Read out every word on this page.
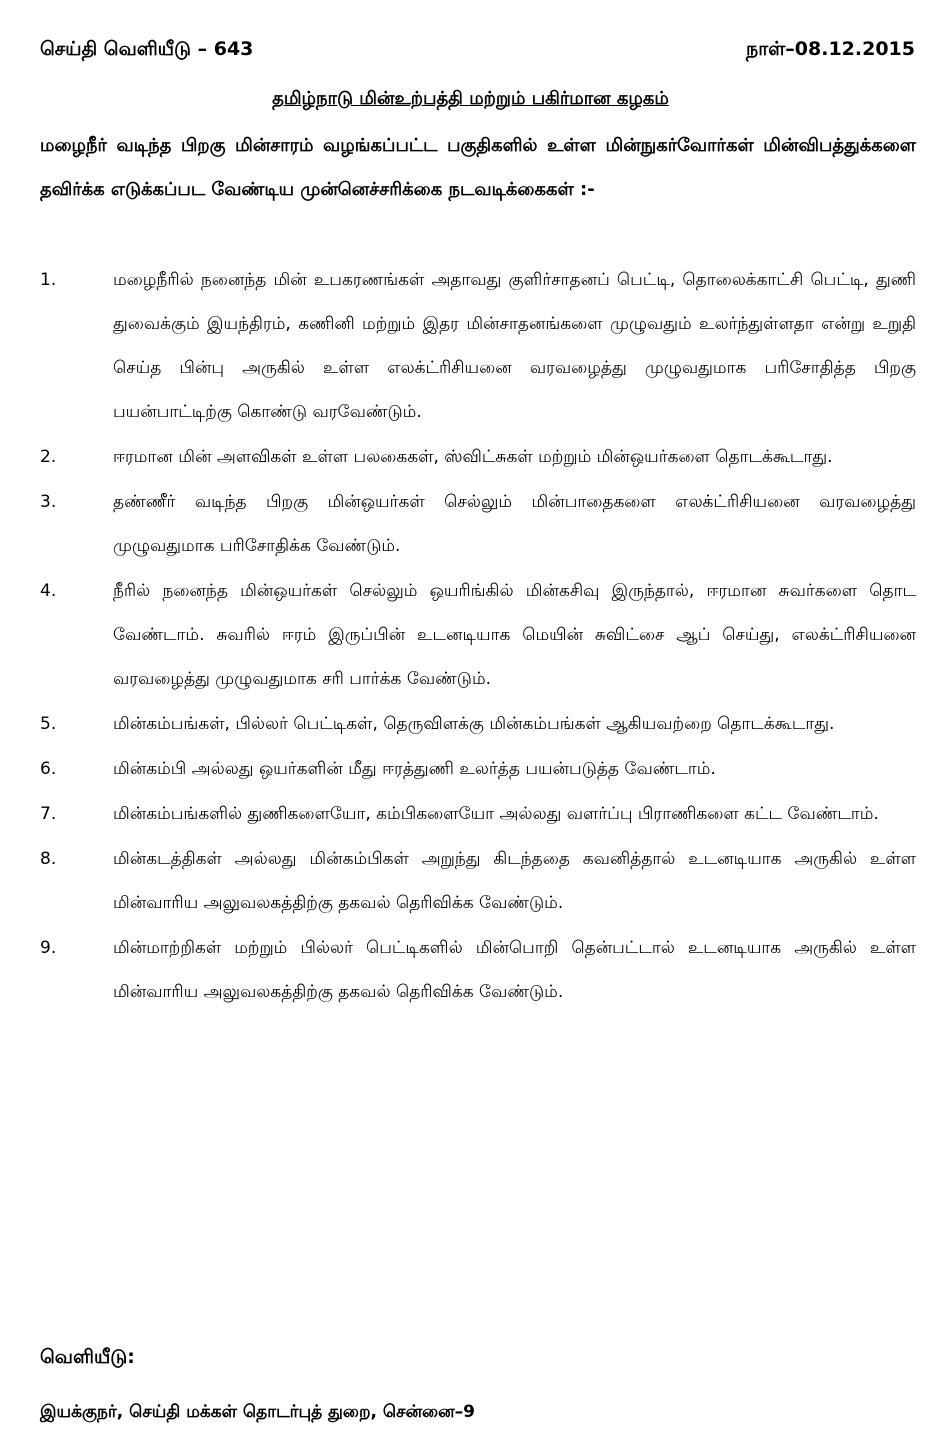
செய்தி வெளியீடு – 643	நாள்–08.12.2015
தமிழ்நாடு மின்உற்பத்தி மற்றும் பகிர்மான கழகம்
மழைநீர் வடிந்த பிறகு மின்சாரம் வழங்கப்பட்ட பகுதிகளில் உள்ள மின்நுகர்வோர்கள் மின்விபத்துக்களை தவிர்க்க எடுக்கப்பட வேண்டிய முன்னெச்சரிக்கை நடவடிக்கைகள் :-
1.	மழைநீரில் நனைந்த மின் உபகரணங்கள் அதாவது குளிர்சாதனப் பெட்டி, தொலைக்காட்சி பெட்டி, துணி துவைக்கும் இயந்திரம், கணினி மற்றும் இதர மின்சாதனங்களை முழுவதும் உலர்ந்துள்ளதா என்று உறுதி செய்த பின்பு அருகில் உள்ள எலக்ட்ரிசியனை வரவழைத்து முழுவதுமாக பரிசோதித்த பிறகு பயன்பாட்டிற்கு கொண்டு வரவேண்டும்.
2.	ஈரமான மின் அளவிகள் உள்ள பலகைகள், ஸ்விட்சுகள் மற்றும் மின்ஒயர்களை தொடக்கூடாது.
3.	தண்ணீர் வடிந்த பிறகு மின்ஒயர்கள் செல்லும் மின்பாதைகளை எலக்ட்ரிசியனை வரவழைத்து முழுவதுமாக பரிசோதிக்க வேண்டும்.
4.	நீரில் நனைந்த மின்ஒயர்கள் செல்லும் ஒயரிங்கில் மின்கசிவு இருந்தால், ஈரமான சுவர்களை தொட வேண்டாம். சுவரில் ஈரம் இருப்பின் உடனடியாக மெயின் சுவிட்சை ஆப் செய்து, எலக்ட்ரிசியனை வரவழைத்து முழுவதுமாக சரி பார்க்க வேண்டும்.
5.	மின்கம்பங்கள், பில்லர் பெட்டிகள், தெருவிளக்கு மின்கம்பங்கள் ஆகியவற்றை தொடக்கூடாது.
6.	மின்கம்பி அல்லது ஒயர்களின் மீது ஈரத்துணி உலர்த்த பயன்படுத்த வேண்டாம்.
7.	மின்கம்பங்களில் துணிகளையோ, கம்பிகளையோ அல்லது வளர்ப்பு பிராணிகளை கட்ட வேண்டாம்.
8.	மின்கடத்திகள் அல்லது மின்கம்பிகள் அறுந்து கிடந்ததை கவனித்தால் உடனடியாக அருகில் உள்ள மின்வாரிய அலுவலகத்திற்கு தகவல் தெரிவிக்க வேண்டும்.
9.	மின்மாற்றிகள் மற்றும் பில்லர் பெட்டிகளில் மின்பொறி தென்பட்டால் உடனடியாக அருகில் உள்ள மின்வாரிய அலுவலகத்திற்கு தகவல் தெரிவிக்க வேண்டும்.
வெளியீடு:
இயக்குநர், செய்தி மக்கள் தொடர்புத் துறை, சென்னை–9
